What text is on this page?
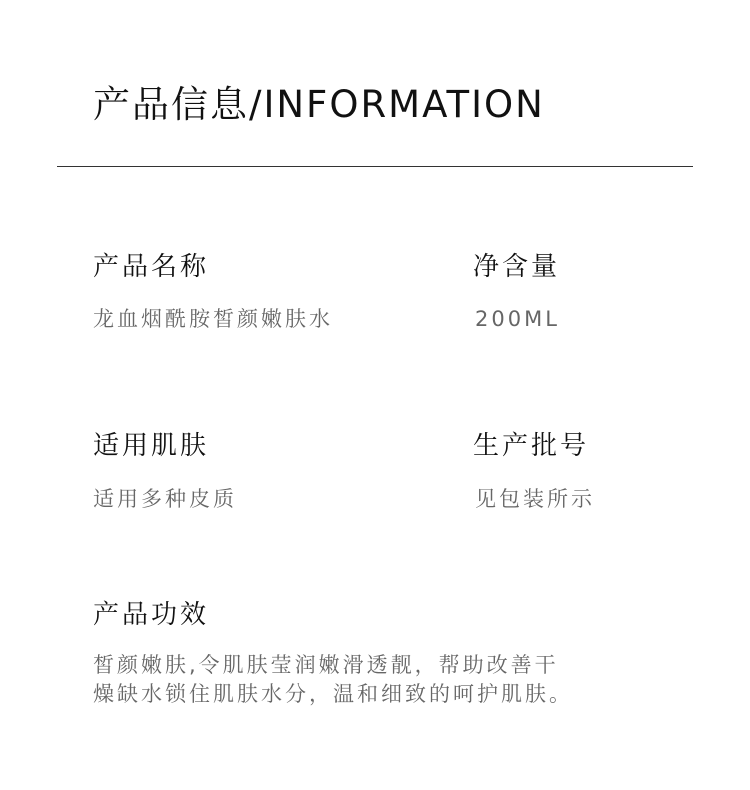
产品信息/INFORMATION
产品名称
龙血烟酰胺皙颜嫩肤水
净含量
200ML
适用肌肤
适用多种皮质
生产批号
见包装所示
产品功效
皙颜嫩肤,令肌肤莹润嫩滑透靓，帮助改善干
燥缺水锁住肌肤水分，温和细致的呵护肌肤。
